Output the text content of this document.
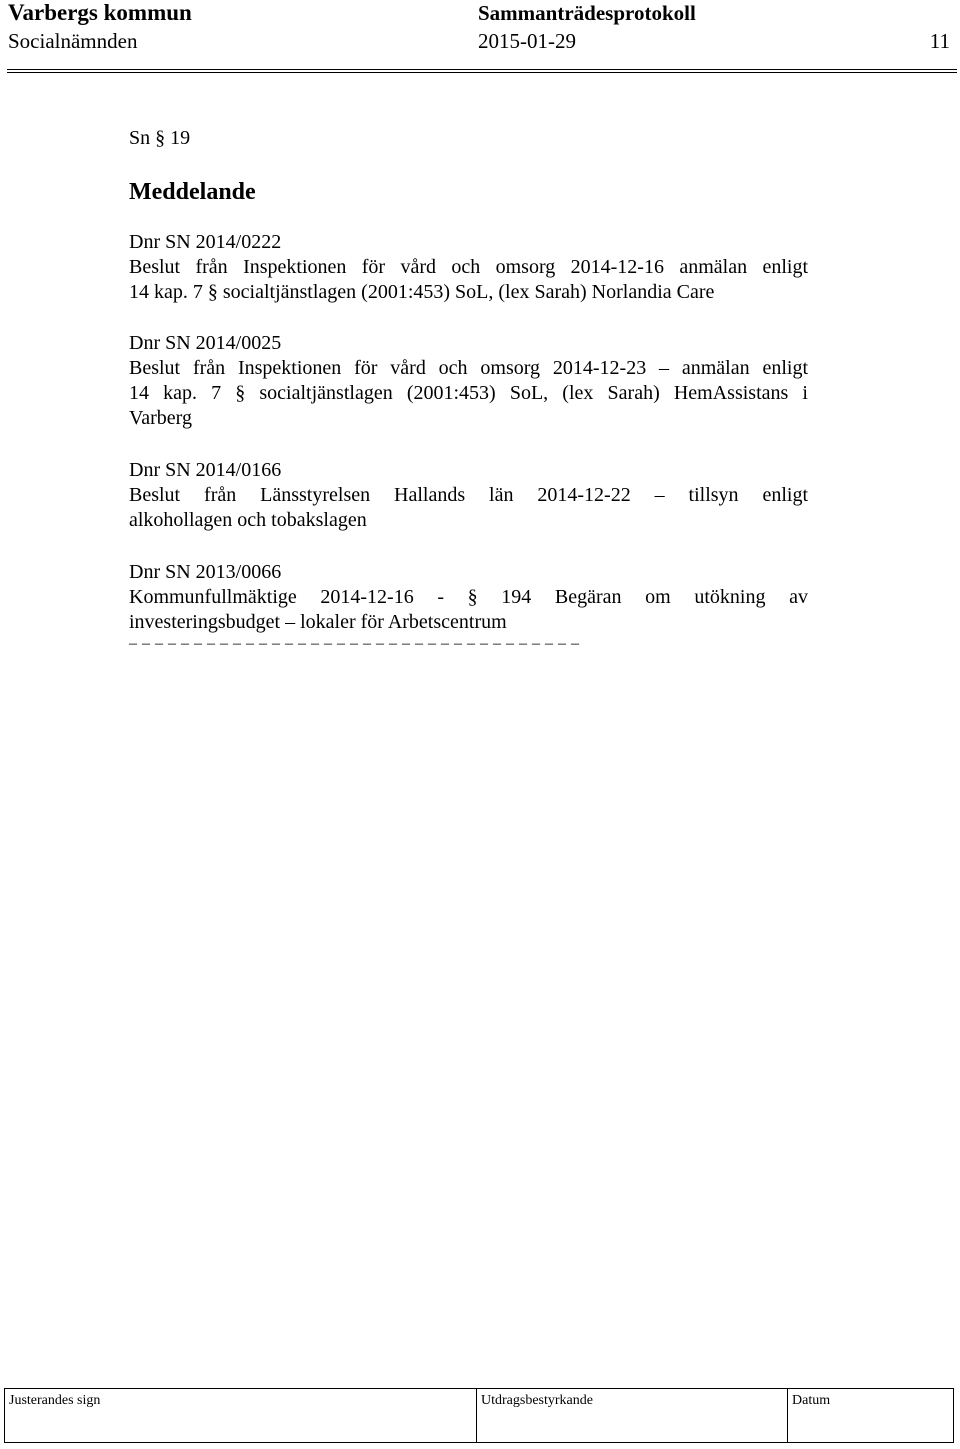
Varbergs kommun	Sammanträdesprotokoll
Socialnämnden	2015-01-29	11
Sn § 19
Meddelande
Dnr SN 2014/0222
Beslut från Inspektionen för vård och omsorg 2014-12-16 anmälan enligt
14 kap. 7 § socialtjänstlagen (2001:453) SoL, (lex Sarah) Norlandia Care
Dnr SN 2014/0025
Beslut från Inspektionen för vård och omsorg 2014-12-23 – anmälan enligt
14 kap. 7 § socialtjänstlagen (2001:453) SoL, (lex Sarah) HemAssistans i
Varberg
Dnr SN 2014/0166
Beslut från Länsstyrelsen Hallands län 2014-12-22 – tillsyn enligt
alkohollagen och tobakslagen
Dnr SN 2013/0066
Kommunfullmäktige 2014-12-16 - § 194 Begäran om utökning av
investeringsbudget – lokaler för Arbetscentrum
– – – – – – – – – – – – – – – – – – – – – – – – – – – – – – – – – – –
Justerandes sign	Utdragsbestyrkande	Datum
